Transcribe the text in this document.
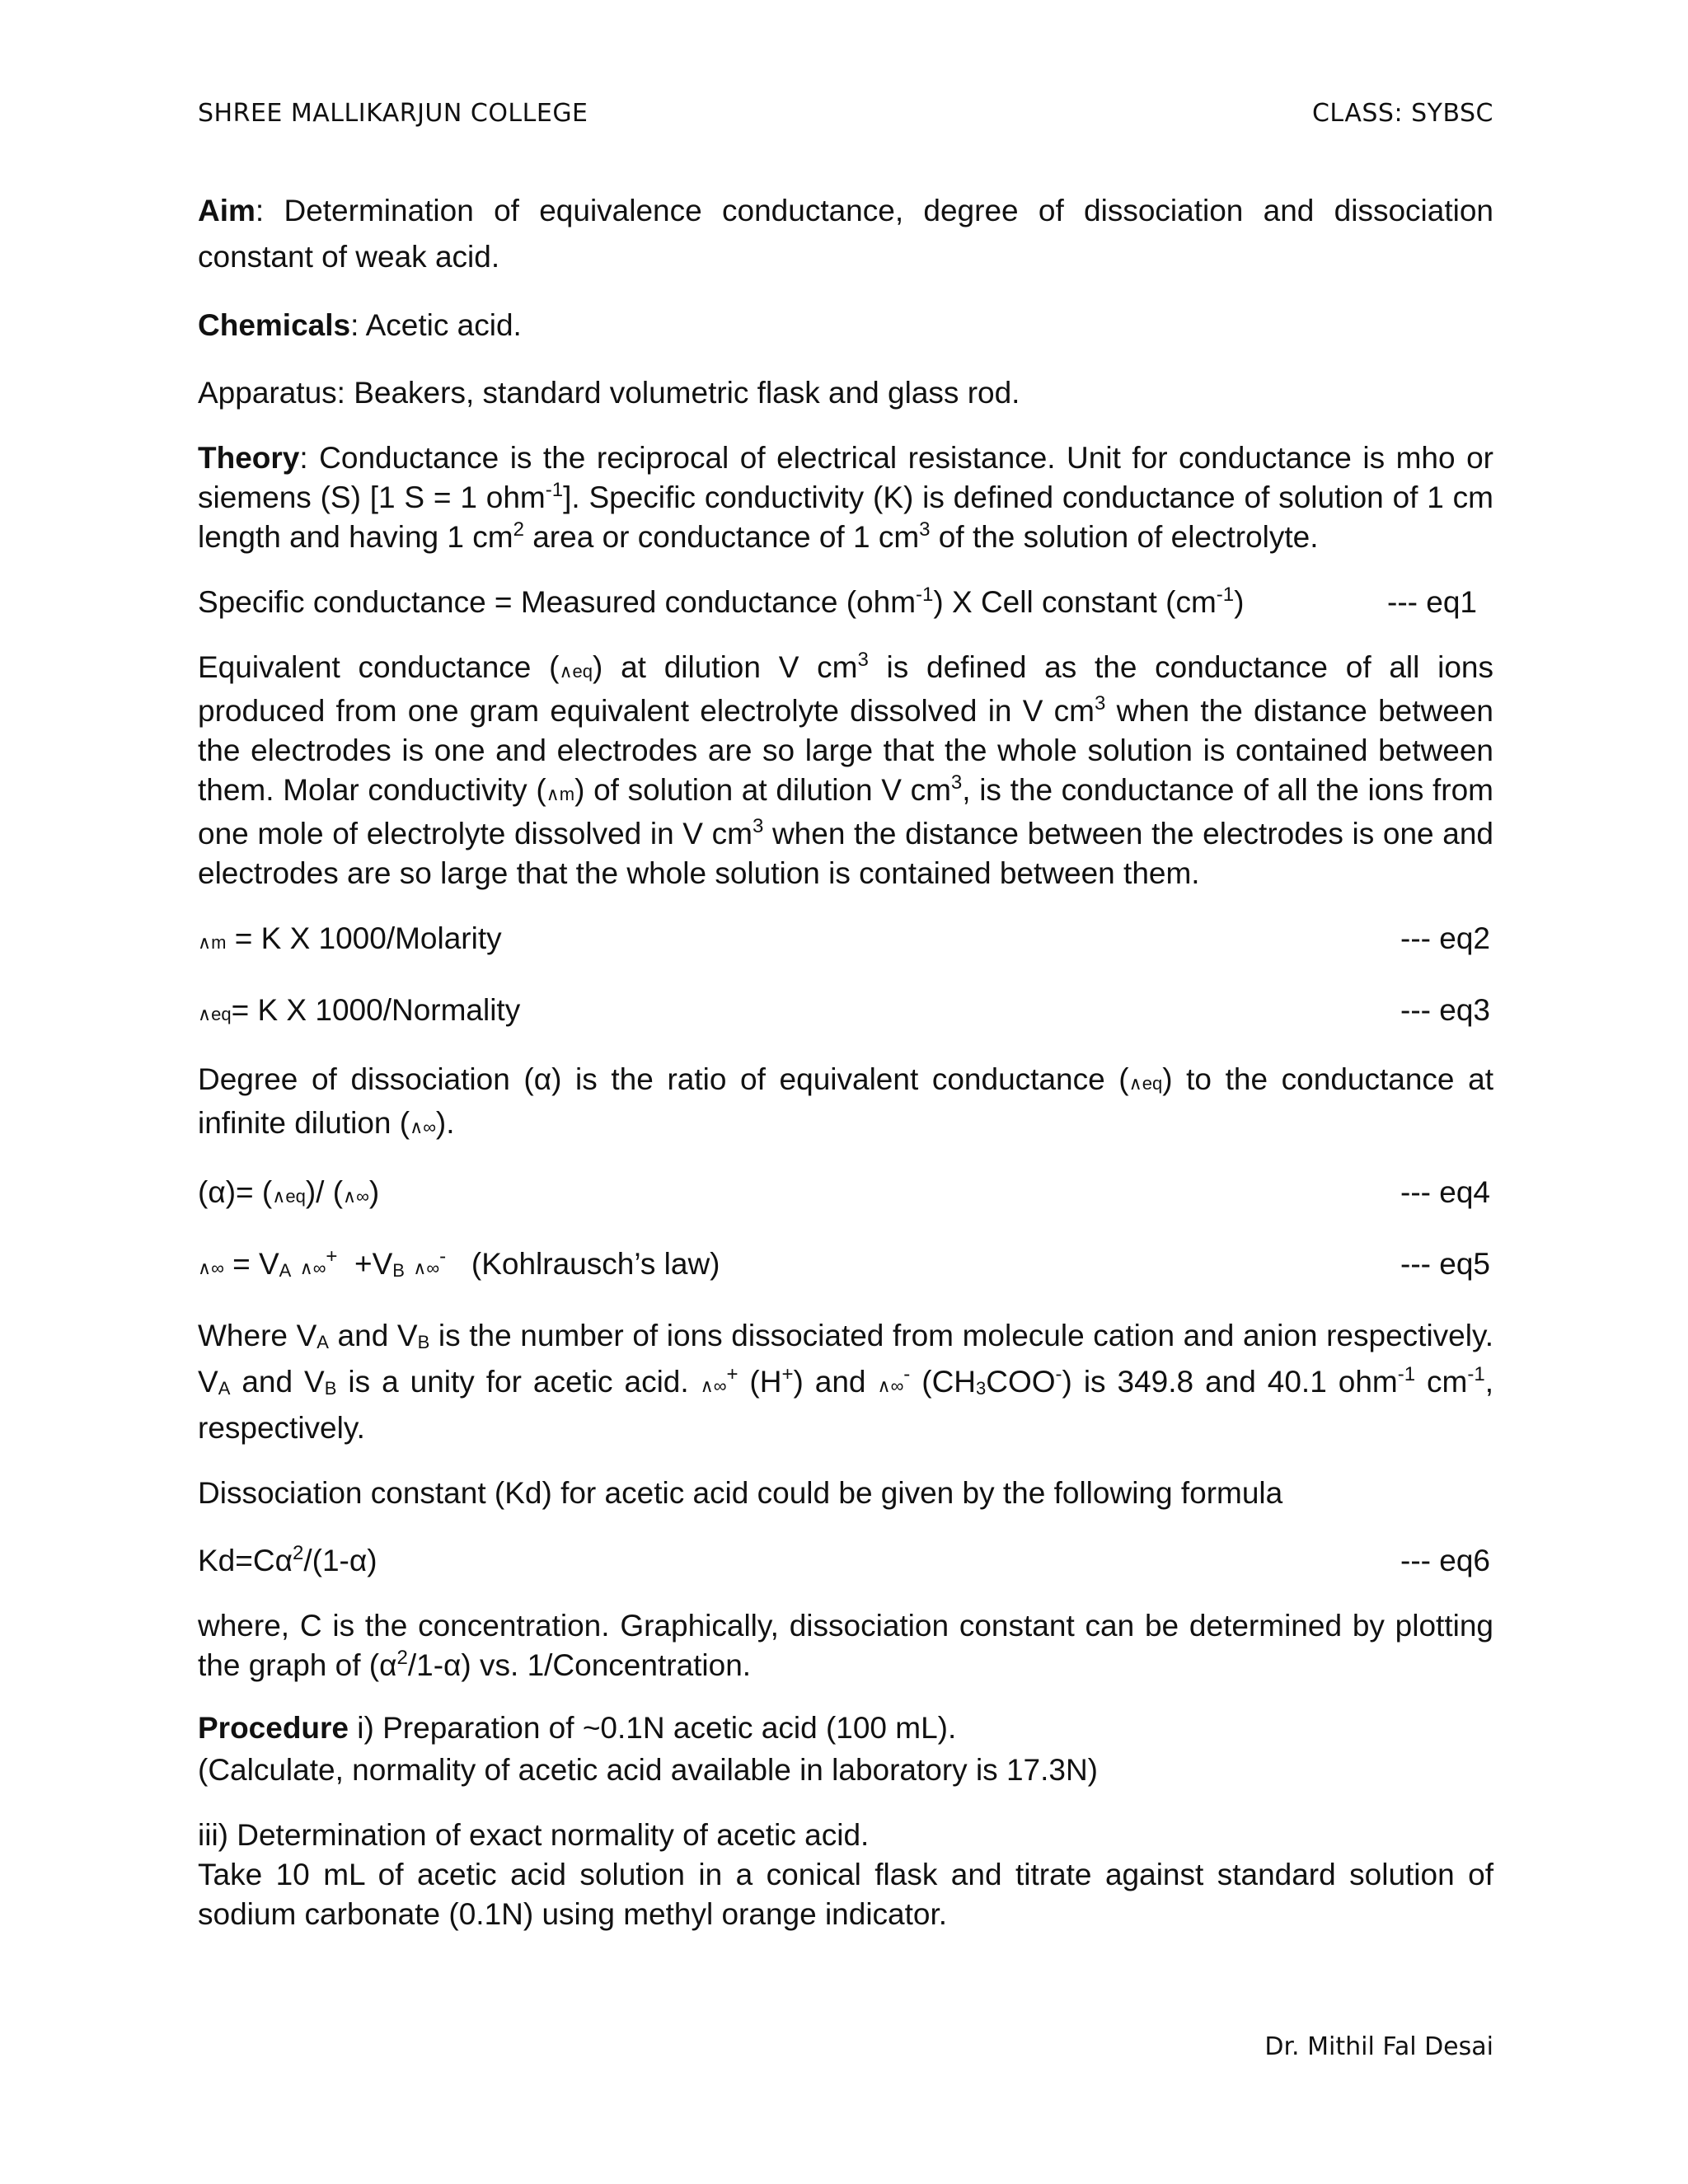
SHREE MALLIKARJUN COLLEGE	CLASS: SYBSC

Aim: Determination of equivalence conductance, degree of dissociation and dissociation constant of weak acid.

Chemicals: Acetic acid.

Apparatus: Beakers, standard volumetric flask and glass rod.

Theory: Conductance is the reciprocal of electrical resistance. Unit for conductance is mho or siemens (S) [1 S = 1 ohm$^{-1}$]. Specific conductivity (K) is defined conductance of solution of 1 cm length and having 1 $cm^2$ area or conductance of 1 $cm^3$ of the solution of electrolyte.

Specific conductance = Measured conductance (ohm$^{-1}$) X Cell constant $(cm^{-1})$	--- eq1

Equivalent conductance (∧eq) at dilution V $cm^3$ is defined as the conductance of all ions produced from one gram equivalent electrolyte dissolved in V $cm^3$ when the distance between the electrodes is one and electrodes are so large that the whole solution is contained between them. Molar conductivity (∧m) of solution at dilution V $cm^3$, is the conductance of all the ions from one mole of electrolyte dissolved in V $cm^3$ when the distance between the electrodes is one and electrodes are so large that the whole solution is contained between them.

∧m = K X 1000/Molarity	--- eq2
∧eq= K X 1000/Normality	--- eq3

Degree of dissociation (α) is the ratio of equivalent conductance (∧eq) to the conductance at infinite dilution (∧∞).

(α)= (∧eq)/ (∧∞)	--- eq4
∧∞ = VA ∧∞+  +VB ∧∞-   (Kohlrausch’s law)	--- eq5

Where VA and VB is the number of ions dissociated from molecule cation and anion respectively. VA and VB is a unity for acetic acid. ∧∞+ (H+) and ∧∞- (CH3COO-) is 349.8 and 40.1 ohm$^{-1}$ $cm^{-1}$, respectively.

Dissociation constant (Kd) for acetic acid could be given by the following formula

$Kd=C\alpha^2/(1-\alpha)$	--- eq6

where, C is the concentration. Graphically, dissociation constant can be determined by plotting the graph of $(\alpha^2/1-\alpha)$ vs. 1/Concentration.

Procedure i) Preparation of ~0.1N acetic acid (100 mL).

(Calculate, normality of acetic acid available in laboratory is 17.3N)

iii) Determination of exact normality of acetic acid.

Take 10 mL of acetic acid solution in a conical flask and titrate against standard solution of sodium carbonate (0.1N) using methyl orange indicator.

Dr. Mithil Fal Desai
